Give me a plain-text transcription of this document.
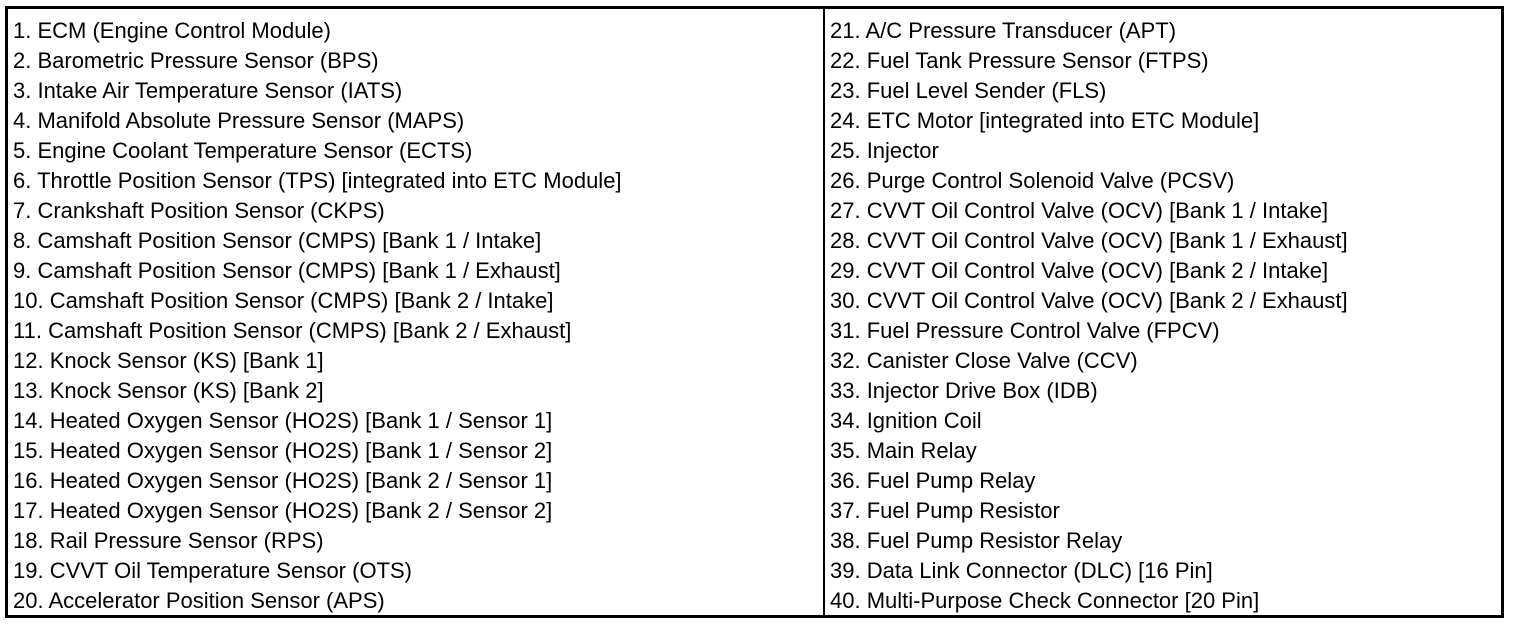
1. ECM (Engine Control Module)
2. Barometric Pressure Sensor (BPS)
3. Intake Air Temperature Sensor (IATS)
4. Manifold Absolute Pressure Sensor (MAPS)
5. Engine Coolant Temperature Sensor (ECTS)
6. Throttle Position Sensor (TPS) [integrated into ETC Module]
7. Crankshaft Position Sensor (CKPS)
8. Camshaft Position Sensor (CMPS) [Bank 1 / Intake]
9. Camshaft Position Sensor (CMPS) [Bank 1 / Exhaust]
10. Camshaft Position Sensor (CMPS) [Bank 2 / Intake]
11. Camshaft Position Sensor (CMPS) [Bank 2 / Exhaust]
12. Knock Sensor (KS) [Bank 1]
13. Knock Sensor (KS) [Bank 2]
14. Heated Oxygen Sensor (HO2S) [Bank 1 / Sensor 1]
15. Heated Oxygen Sensor (HO2S) [Bank 1 / Sensor 2]
16. Heated Oxygen Sensor (HO2S) [Bank 2 / Sensor 1]
17. Heated Oxygen Sensor (HO2S) [Bank 2 / Sensor 2]
18. Rail Pressure Sensor (RPS)
19. CVVT Oil Temperature Sensor (OTS)
20. Accelerator Position Sensor (APS)
21. A/C Pressure Transducer (APT)
22. Fuel Tank Pressure Sensor (FTPS)
23. Fuel Level Sender (FLS)
24. ETC Motor [integrated into ETC Module]
25. Injector
26. Purge Control Solenoid Valve (PCSV)
27. CVVT Oil Control Valve (OCV) [Bank 1 / Intake]
28. CVVT Oil Control Valve (OCV) [Bank 1 / Exhaust]
29. CVVT Oil Control Valve (OCV) [Bank 2 / Intake]
30. CVVT Oil Control Valve (OCV) [Bank 2 / Exhaust]
31. Fuel Pressure Control Valve (FPCV)
32. Canister Close Valve (CCV)
33. Injector Drive Box (IDB)
34. Ignition Coil
35. Main Relay
36. Fuel Pump Relay
37. Fuel Pump Resistor
38. Fuel Pump Resistor Relay
39. Data Link Connector (DLC) [16 Pin]
40. Multi-Purpose Check Connector [20 Pin]
